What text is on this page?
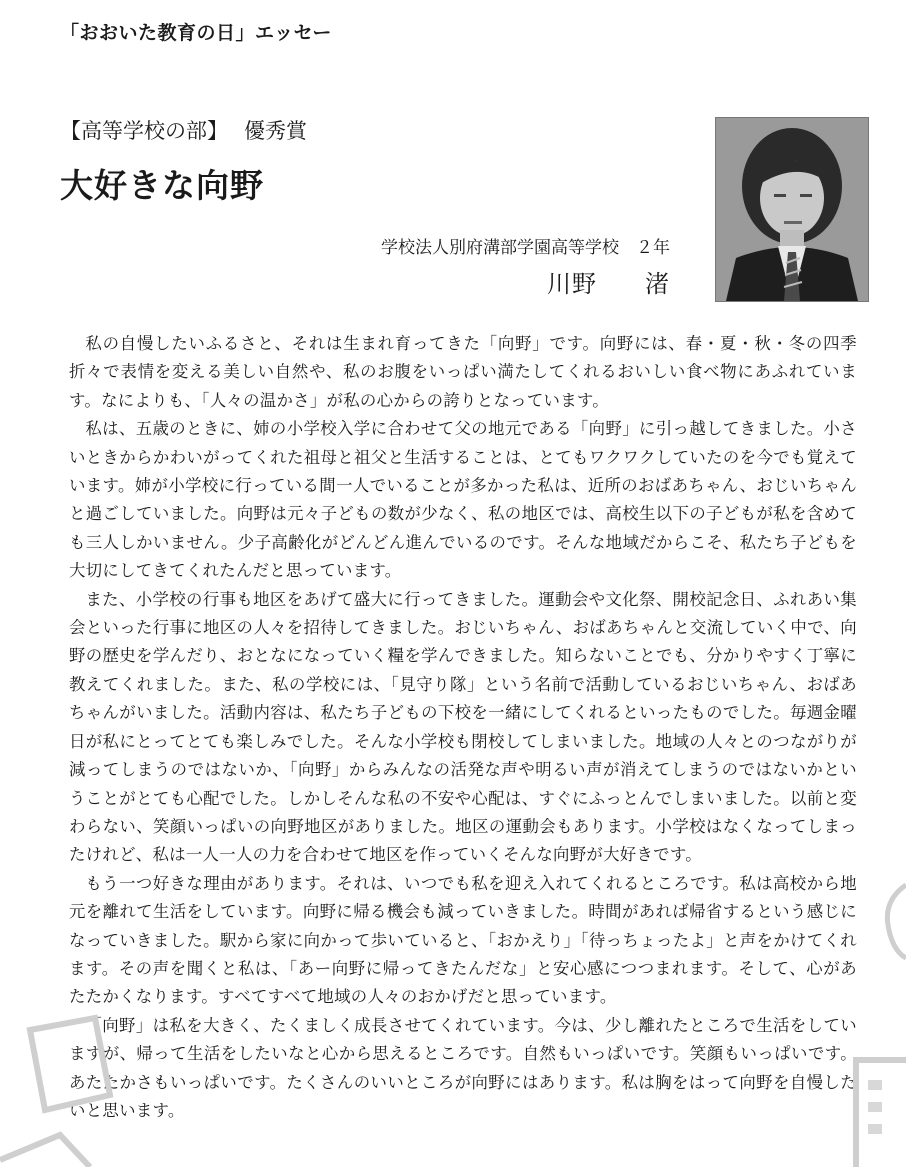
「おおいた教育の日」エッセー
【高等学校の部】 優秀賞
大好きな向野
学校法人別府溝部学園高等学校　２年
川野 渚

私の自慢したいふるさと、それは生まれ育ってきた「向野」です。向野には、春・夏・秋・冬の四季折々で表情を変える美しい自然や、私のお腹をいっぱい満たしてくれるおいしい食べ物にあふれています。なによりも、「人々の温かさ」が私の心からの誇りとなっています。

私は、五歳のときに、姉の小学校入学に合わせて父の地元である「向野」に引っ越してきました。小さいときからかわいがってくれた祖母と祖父と生活することは、とてもワクワクしていたのを今でも覚えています。姉が小学校に行っている間一人でいることが多かった私は、近所のおばあちゃん、おじいちゃんと過ごしていました。向野は元々子どもの数が少なく、私の地区では、高校生以下の子どもが私を含めても三人しかいません。少子高齢化がどんどん進んでいるのです。そんな地域だからこそ、私たち子どもを大切にしてきてくれたんだと思っています。

また、小学校の行事も地区をあげて盛大に行ってきました。運動会や文化祭、開校記念日、ふれあい集会といった行事に地区の人々を招待してきました。おじいちゃん、おばあちゃんと交流していく中で、向野の歴史を学んだり、おとなになっていく糧を学んできました。知らないことでも、分かりやすく丁寧に教えてくれました。また、私の学校には、「見守り隊」という名前で活動しているおじいちゃん、おばあちゃんがいました。活動内容は、私たち子どもの下校を一緒にしてくれるといったものでした。毎週金曜日が私にとってとても楽しみでした。そんな小学校も閉校してしまいました。地域の人々とのつながりが減ってしまうのではないか、「向野」からみんなの活発な声や明るい声が消えてしまうのではないかということがとても心配でした。しかしそんな私の不安や心配は、すぐにふっとんでしまいました。以前と変わらない、笑顔いっぱいの向野地区がありました。地区の運動会もあります。小学校はなくなってしまったけれど、私は一人一人の力を合わせて地区を作っていくそんな向野が大好きです。

もう一つ好きな理由があります。それは、いつでも私を迎え入れてくれるところです。私は高校から地元を離れて生活をしています。向野に帰る機会も減っていきました。時間があれば帰省するという感じになっていきました。駅から家に向かって歩いていると、「おかえり」「待っちょったよ」と声をかけてくれます。その声を聞くと私は、「あー向野に帰ってきたんだな」と安心感につつまれます。そして、心があたたかくなります。すべてすべて地域の人々のおかげだと思っています。

「向野」は私を大きく、たくましく成長させてくれています。今は、少し離れたところで生活をしていますが、帰って生活をしたいなと心から思えるところです。自然もいっぱいです。笑顔もいっぱいです。あたたかさもいっぱいです。たくさんのいいところが向野にはあります。私は胸をはって向野を自慢したいと思います。
